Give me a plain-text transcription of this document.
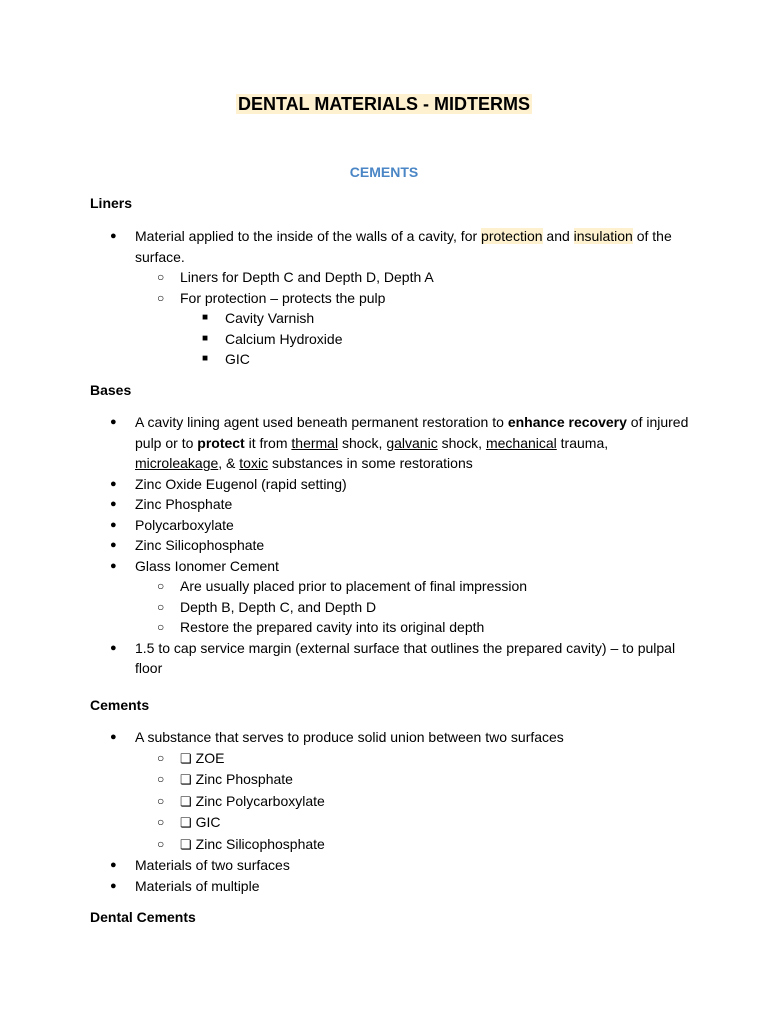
DENTAL MATERIALS - MIDTERMS
CEMENTS

Liners

● Material applied to the inside of the walls of a cavity, for protection and insulation of the surface.
○ Liners for Depth C and Depth D, Depth A
○ For protection – protects the pulp
■ Cavity Varnish
■ Calcium Hydroxide
■ GIC

Bases

● A cavity lining agent used beneath permanent restoration to enhance recovery of injured pulp or to protect it from thermal shock, galvanic shock, mechanical trauma, microleakage, & toxic substances in some restorations
● Zinc Oxide Eugenol (rapid setting)
● Zinc Phosphate
● Polycarboxylate
● Zinc Silicophosphate
● Glass Ionomer Cement
○ Are usually placed prior to placement of final impression
○ Depth B, Depth C, and Depth D
○ Restore the prepared cavity into its original depth
● 1.5 to cap service margin (external surface that outlines the prepared cavity) – to pulpal floor

Cements

● A substance that serves to produce solid union between two surfaces
○ ❏ ZOE
○ ❏ Zinc Phosphate
○ ❏ Zinc Polycarboxylate
○ ❏ GIC
○ ❏ Zinc Silicophosphate
● Materials of two surfaces
● Materials of multiple

Dental Cements
